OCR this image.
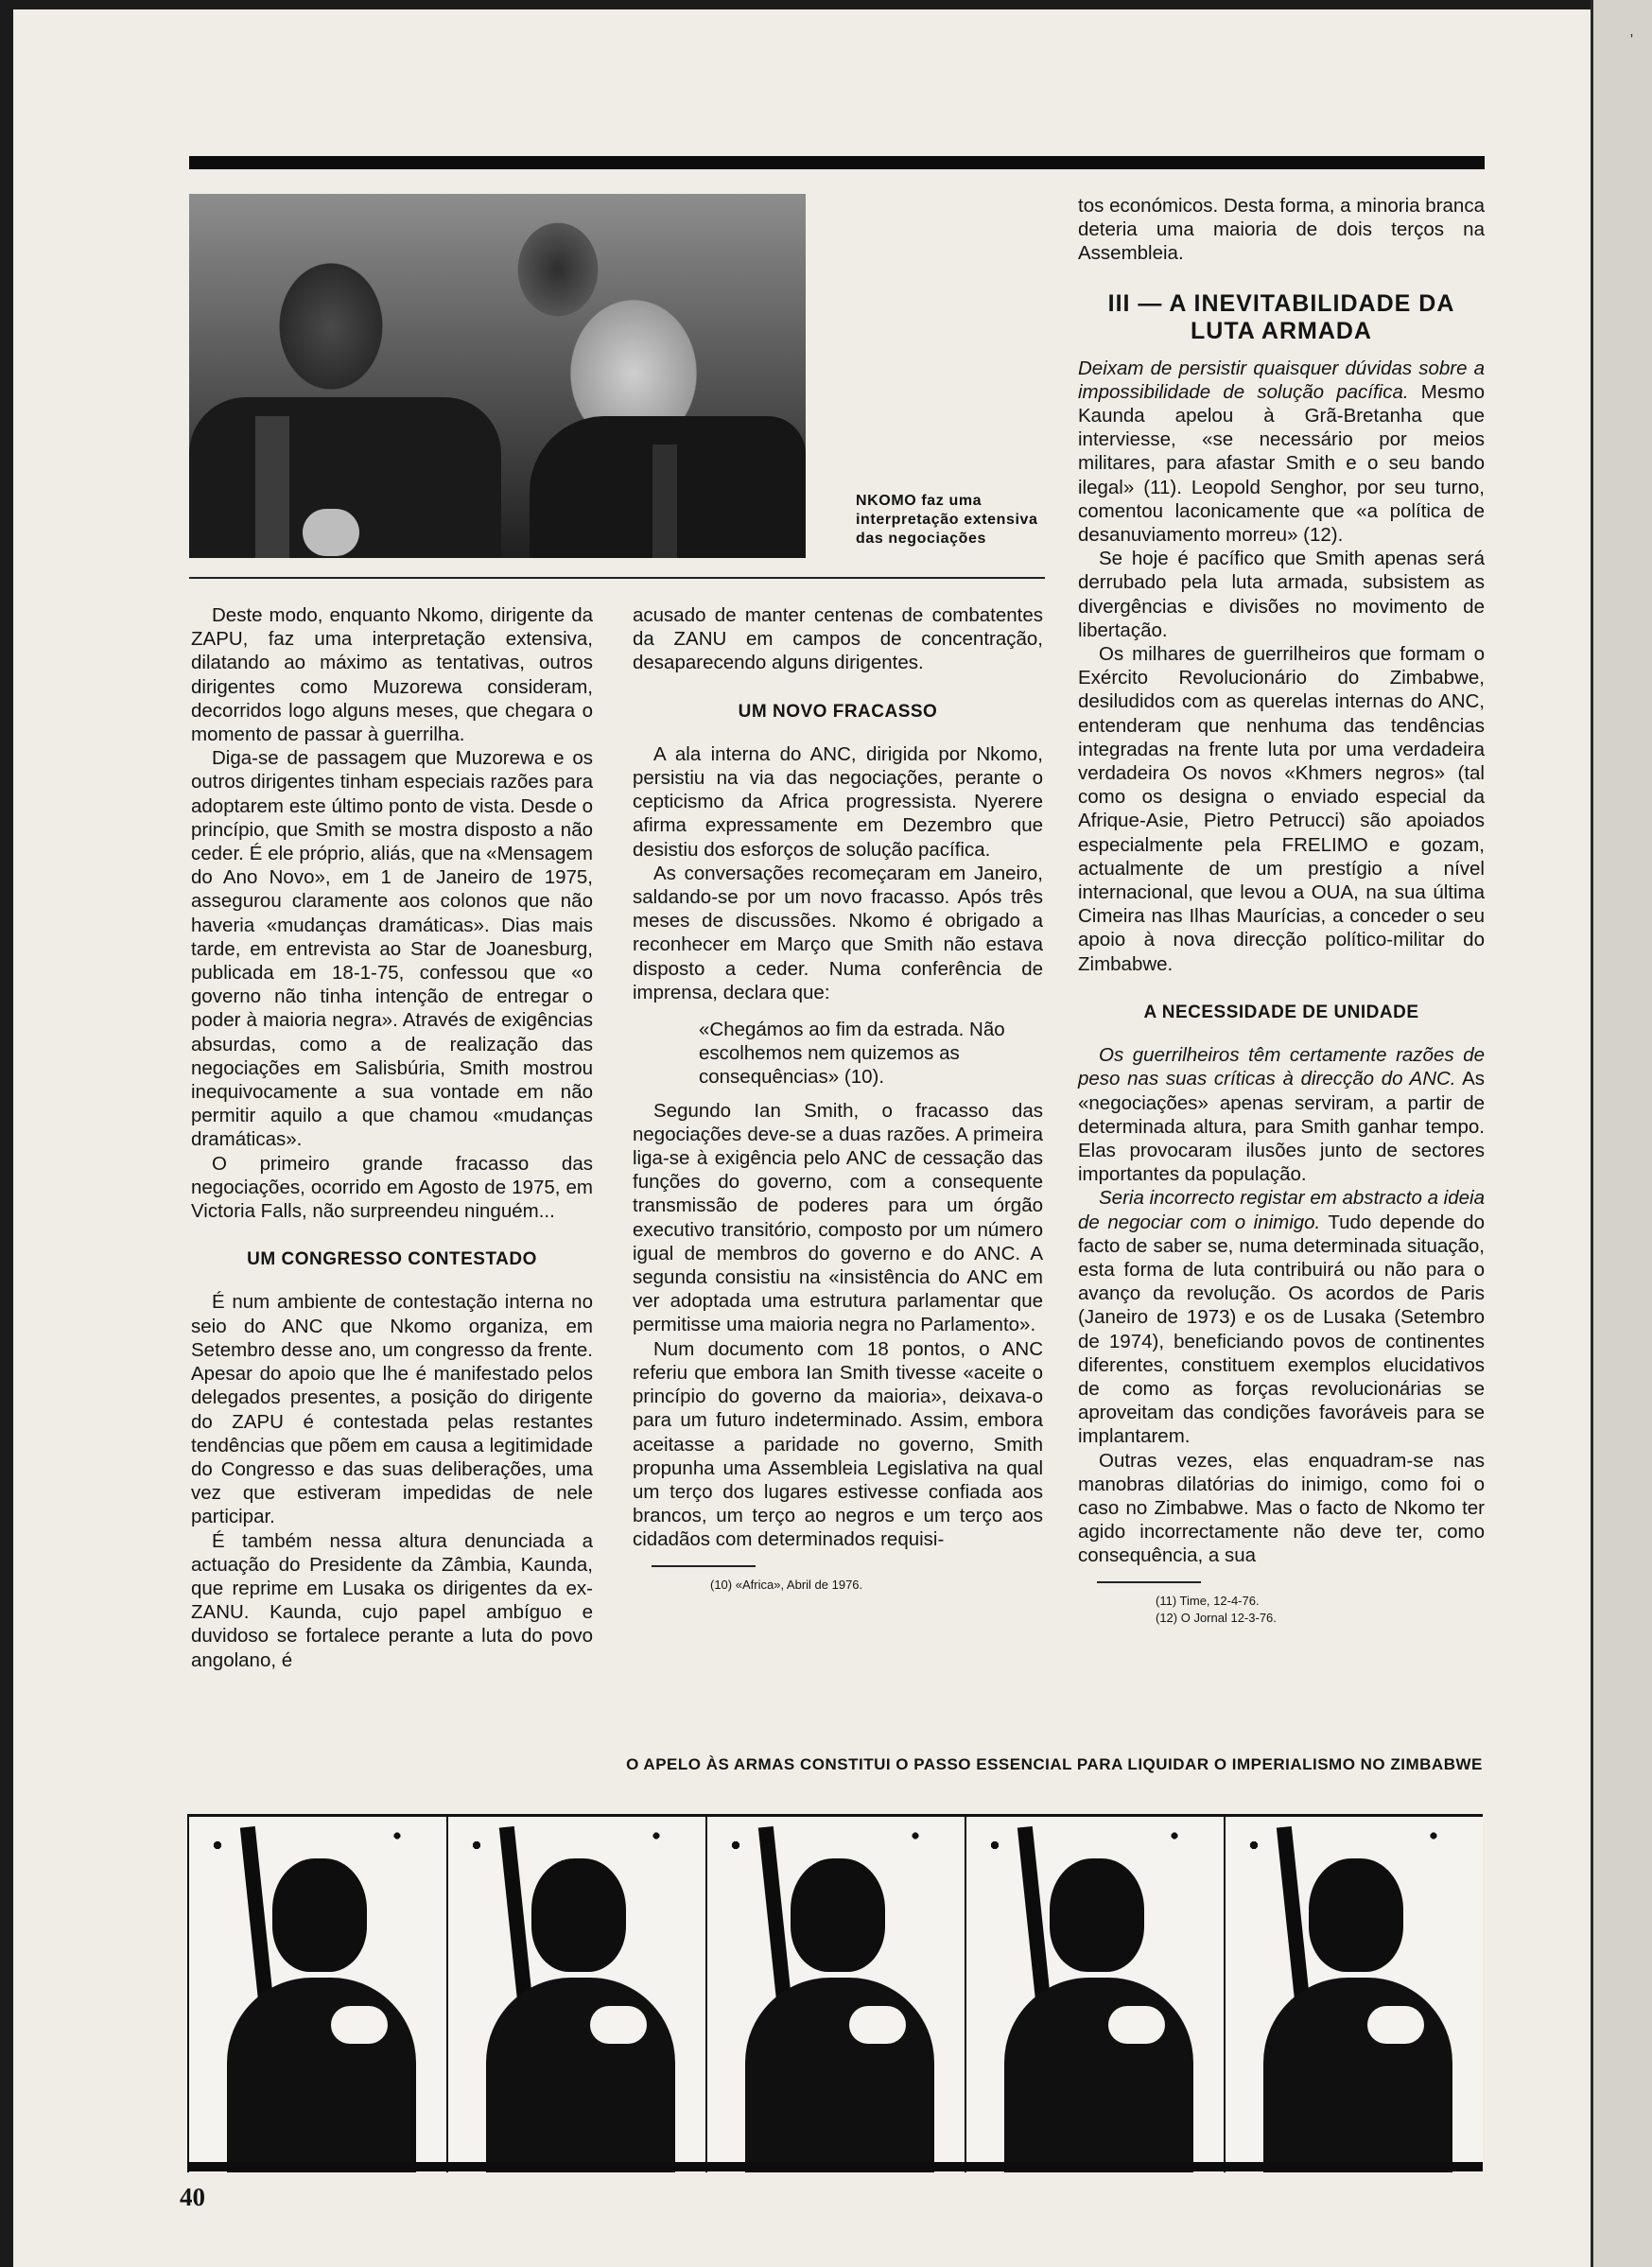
NKOMO faz uma interpretação extensiva das negociações

Deste modo, enquanto Nkomo, dirigente da ZAPU, faz uma interpretação extensiva, dilatando ao máximo as tentativas, outros dirigentes como Muzorewa consideram, decorridos logo alguns meses, que chegara o momento de passar à guerrilha.

Diga-se de passagem que Muzorewa e os outros dirigentes tinham especiais razões para adoptarem este último ponto de vista. Desde o princípio, que Smith se mostra disposto a não ceder. É ele próprio, aliás, que na «Mensagem do Ano Novo», em 1 de Janeiro de 1975, assegurou claramente aos colonos que não haveria «mudanças dramáticas». Dias mais tarde, em entrevista ao Star de Joanesburg, publicada em 18-1-75, confessou que «o governo não tinha intenção de entregar o poder à maioria negra». Através de exigências absurdas, como a de realização das negociações em Salisbúria, Smith mostrou inequivocamente a sua vontade em não permitir aquilo a que chamou «mudanças dramáticas».

O primeiro grande fracasso das negociações, ocorrido em Agosto de 1975, em Victoria Falls, não surpreendeu ninguém...

UM CONGRESSO CONTESTADO

É num ambiente de contestação interna no seio do ANC que Nkomo organiza, em Setembro desse ano, um congresso da frente. Apesar do apoio que lhe é manifestado pelos delegados presentes, a posição do dirigente do ZAPU é contestada pelas restantes tendências que põem em causa a legitimidade do Congresso e das suas deliberações, uma vez que estiveram impedidas de nele participar.

É também nessa altura denunciada a actuação do Presidente da Zâmbia, Kaunda, que reprime em Lusaka os dirigentes da ex-ZANU. Kaunda, cujo papel ambíguo e duvidoso se fortalece perante a luta do povo angolano, é

acusado de manter centenas de combatentes da ZANU em campos de concentração, desaparecendo alguns dirigentes.

UM NOVO FRACASSO

A ala interna do ANC, dirigida por Nkomo, persistiu na via das negociações, perante o cepticismo da Africa progressista. Nyerere afirma expressamente em Dezembro que desistiu dos esforços de solução pacífica.

As conversações recomeçaram em Janeiro, saldando-se por um novo fracasso. Após três meses de discussões. Nkomo é obrigado a reconhecer em Março que Smith não estava disposto a ceder. Numa conferência de imprensa, declara que:

«Chegámos ao fim da estrada. Não escolhemos nem quizemos as consequências» (10).

Segundo Ian Smith, o fracasso das negociações deve-se a duas razões. A primeira liga-se à exigência pelo ANC de cessação das funções do governo, com a consequente transmissão de poderes para um órgão executivo transitório, composto por um número igual de membros do governo e do ANC. A segunda consistiu na «insistência do ANC em ver adoptada uma estrutura parlamentar que permitisse uma maioria negra no Parlamento».

Num documento com 18 pontos, o ANC referiu que embora Ian Smith tivesse «aceite o princípio do governo da maioria», deixava-o para um futuro indeterminado. Assim, embora aceitasse a paridade no governo, Smith propunha uma Assembleia Legislativa na qual um terço dos lugares estivesse confiada aos brancos, um terço ao negros e um terço aos cidadãos com determinados requisi-

(10) «Africa», Abril de 1976.

tos económicos. Desta forma, a minoria branca deteria uma maioria de dois terços na Assembleia.

III — A INEVITABILIDADE DA LUTA ARMADA

Deixam de persistir quaisquer dúvidas sobre a impossibilidade de solução pacífica. Mesmo Kaunda apelou à Grã-Bretanha que interviesse, «se necessário por meios militares, para afastar Smith e o seu bando ilegal» (11). Leopold Senghor, por seu turno, comentou laconicamente que «a política de desanuviamento morreu» (12).

Se hoje é pacífico que Smith apenas será derrubado pela luta armada, subsistem as divergências e divisões no movimento de libertação.

Os milhares de guerrilheiros que formam o Exército Revolucionário do Zimbabwe, desiludidos com as querelas internas do ANC, entenderam que nenhuma das tendências integradas na frente luta por uma verdadeira verdadeira Os novos «Khmers negros» (tal como os designa o enviado especial da Afrique-Asie, Pietro Petrucci) são apoiados especialmente pela FRELIMO e gozam, actualmente de um prestígio a nível internacional, que levou a OUA, na sua última Cimeira nas Ilhas Maurícias, a conceder o seu apoio à nova direcção político-militar do Zimbabwe.

A NECESSIDADE DE UNIDADE

Os guerrilheiros têm certamente razões de peso nas suas críticas à direcção do ANC. As «negociações» apenas serviram, a partir de determinada altura, para Smith ganhar tempo. Elas provocaram ilusões junto de sectores importantes da população.

Seria incorrecto registar em abstracto a ideia de negociar com o inimigo. Tudo depende do facto de saber se, numa determinada situação, esta forma de luta contribuirá ou não para o avanço da revolução. Os acordos de Paris (Janeiro de 1973) e os de Lusaka (Setembro de 1974), beneficiando povos de continentes diferentes, constituem exemplos elucidativos de como as forças revolucionárias se aproveitam das condições favoráveis para se implantarem.

Outras vezes, elas enquadram-se nas manobras dilatórias do inimigo, como foi o caso no Zimbabwe. Mas o facto de Nkomo ter agido incorrectamente não deve ter, como consequência, a sua

(11) Time, 12-4-76.

(12) O Jornal 12-3-76.

O APELO ÀS ARMAS CONSTITUI O PASSO ESSENCIAL PARA LIQUIDAR O IMPERIALISMO NO ZIMBABWE
40
'
